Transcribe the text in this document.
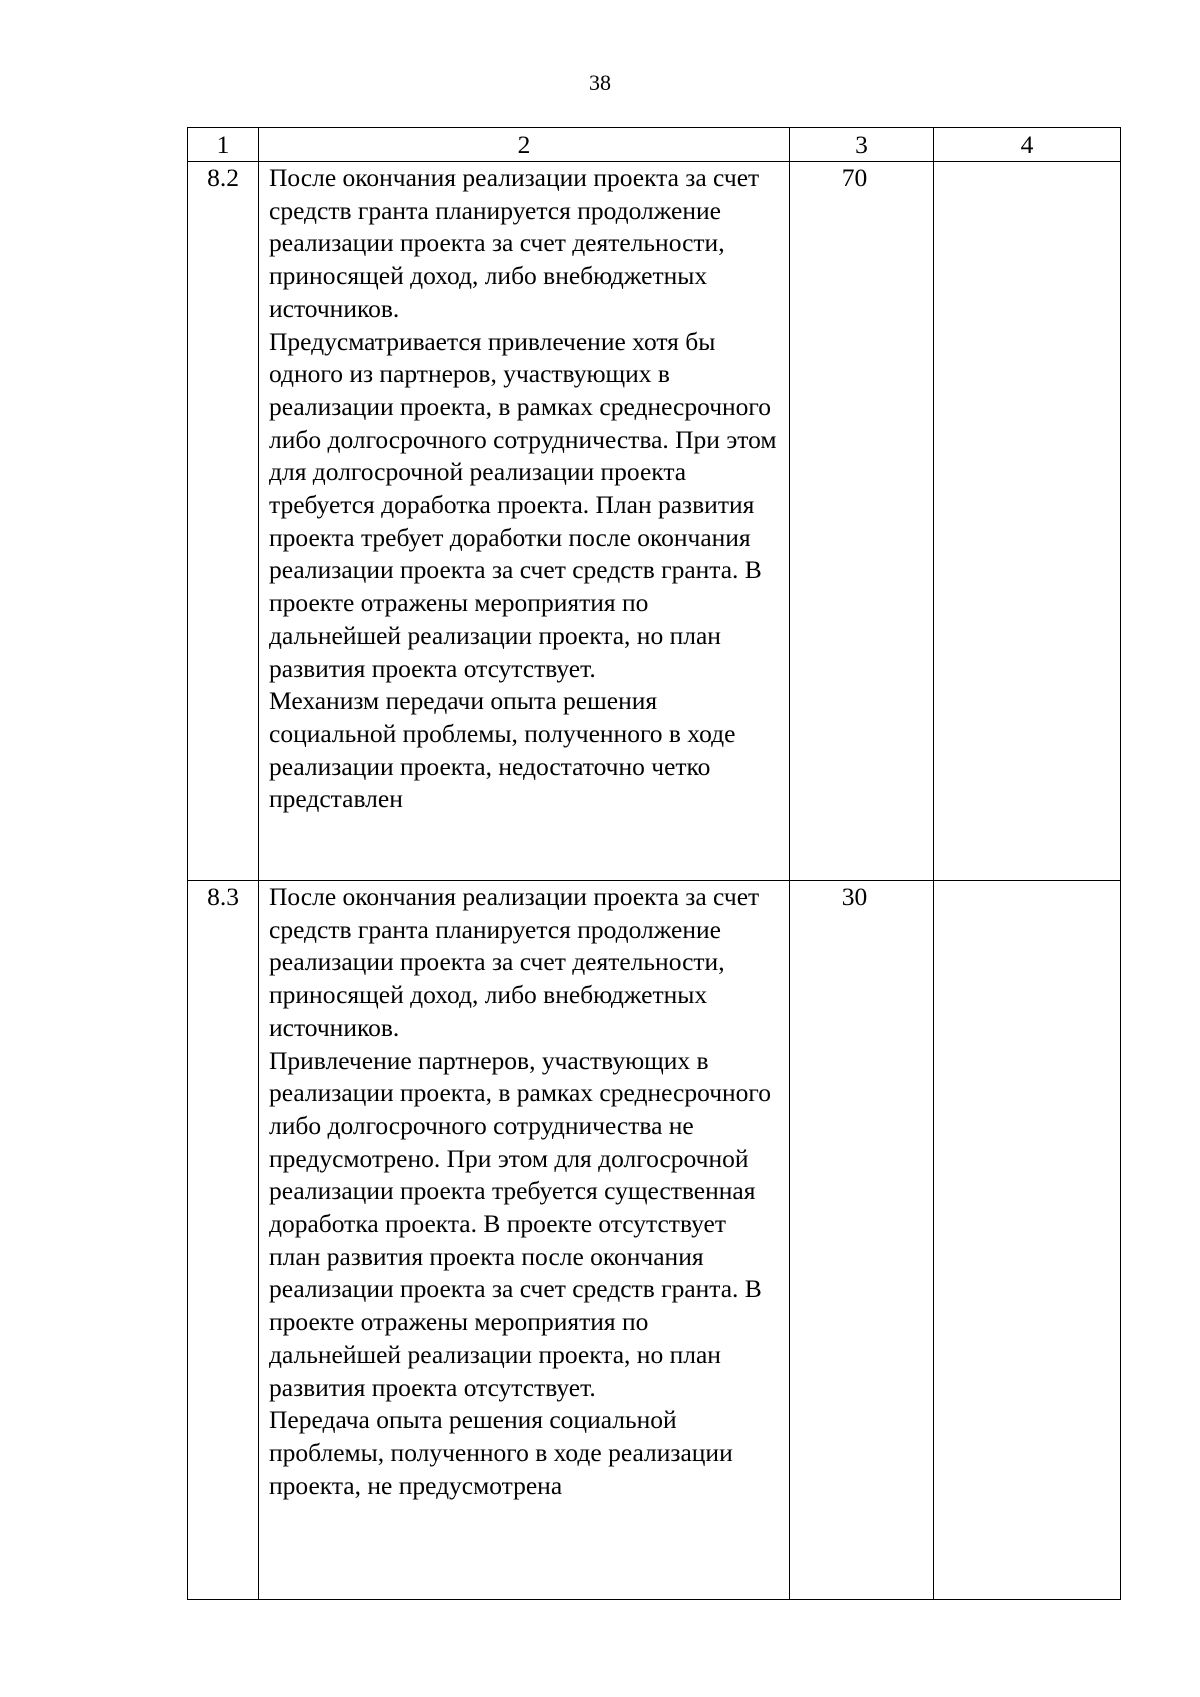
38
1	2	3	4
8.2	После окончания реализации проекта за счет средств гранта планируется продолжение реализации проекта за счет деятельности, приносящей доход, либо внебюджетных источников.
Предусматривается привлечение хотя бы одного из партнеров, участвующих в реализации проекта, в рамках среднесрочного либо долгосрочного сотрудничества. При этом для долгосрочной реализации проекта требуется доработка проекта. План развития проекта требует доработки после окончания реализации проекта за счет средств гранта. В проекте отражены мероприятия по дальнейшей реализации проекта, но план развития проекта отсутствует.
Механизм передачи опыта решения социальной проблемы, полученного в ходе реализации проекта, недостаточно четко представлен	70	
8.3	После окончания реализации проекта за счет средств гранта планируется продолжение реализации проекта за счет деятельности, приносящей доход, либо внебюджетных источников.
Привлечение партнеров, участвующих в реализации проекта, в рамках среднесрочного либо долгосрочного сотрудничества не предусмотрено. При этом для долгосрочной реализации проекта требуется существенная доработка проекта. В проекте отсутствует план развития проекта после окончания реализации проекта за счет средств гранта. В проекте отражены мероприятия по дальнейшей реализации проекта, но план развития проекта отсутствует.
Передача опыта решения социальной проблемы, полученного в ходе реализации проекта, не предусмотрена	30	
